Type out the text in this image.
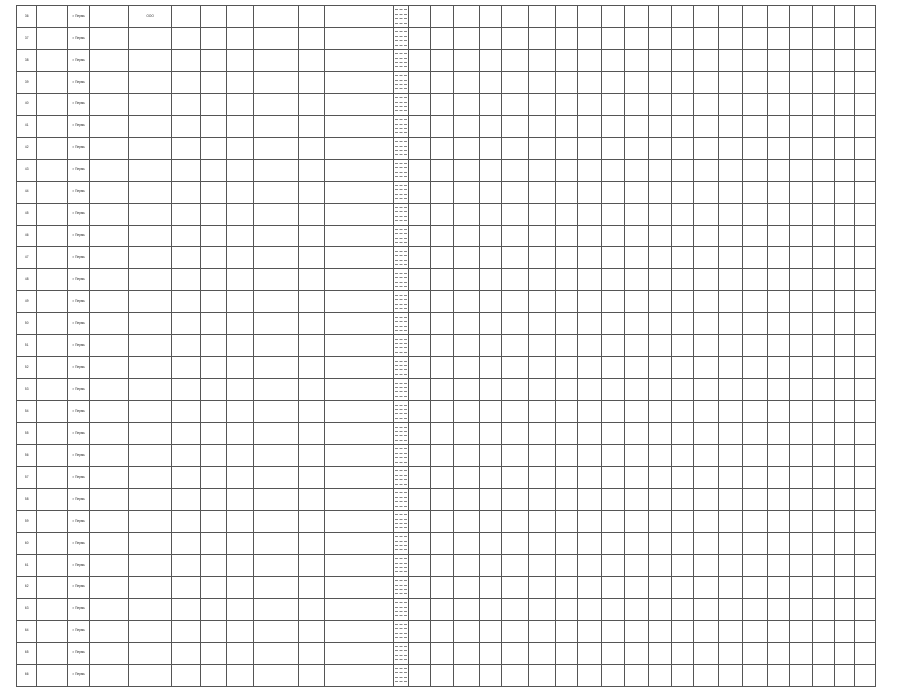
36		г. Пермь		ООО							

37		г. Пермь									

38		г. Пермь									

39		г. Пермь									

40		г. Пермь									

41		г. Пермь									

42		г. Пермь									

43		г. Пермь									

44		г. Пермь									

45		г. Пермь									

46		г. Пермь									

47		г. Пермь									

48		г. Пермь									

49		г. Пермь									

50		г. Пермь									

51		г. Пермь									

52		г. Пермь									

53		г. Пермь									

54		г. Пермь									

55		г. Пермь									

56		г. Пермь									

57		г. Пермь									

58		г. Пермь									

59		г. Пермь									

60		г. Пермь									

61		г. Пермь									

62		г. Пермь									

63		г. Пермь									

64		г. Пермь									

65		г. Пермь									

66		г. Пермь									
